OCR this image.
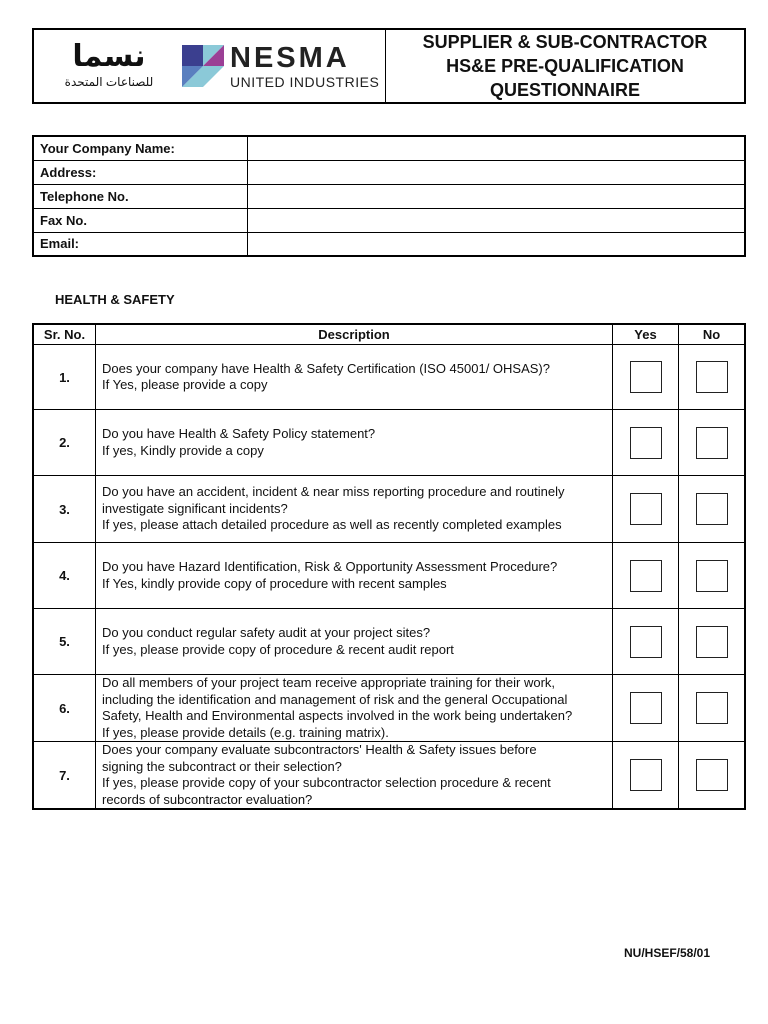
نسما
للصناعات المتحدة
NESMA
UNITED INDUSTRIES
SUPPLIER & SUB-CONTRACTOR
HS&E PRE-QUALIFICATION
QUESTIONNAIRE
Your Company Name:	
Address:	
Telephone No.	
Fax No.	
Email:	
HEALTH & SAFETY
Sr. No.	Description	Yes	No
1.	Does your company have Health & Safety Certification (ISO 45001/ OHSAS)?
If Yes, please provide a copy		

2.	Do you have Health & Safety Policy statement?
If yes, Kindly provide a copy		

3.	Do you have an accident, incident & near miss reporting procedure and routinely
investigate significant incidents?
If yes, please attach detailed procedure as well as recently completed examples		

4.	Do you have Hazard Identification, Risk & Opportunity Assessment Procedure?
If Yes, kindly provide copy of procedure with recent samples		

5.	Do you conduct regular safety audit at your project sites?
If yes, please provide copy of procedure & recent audit report		

6.	Do all members of your project team receive appropriate training for their work,
including the identification and management of risk and the general Occupational
Safety, Health and Environmental aspects involved in the work being undertaken?
If yes, please provide details (e.g. training matrix).		

7.	Does your company evaluate subcontractors' Health & Safety issues before
signing the subcontract or their selection?
If yes, please provide copy of your subcontractor selection procedure & recent
records of subcontractor evaluation?		

NU/HSEF/58/01
